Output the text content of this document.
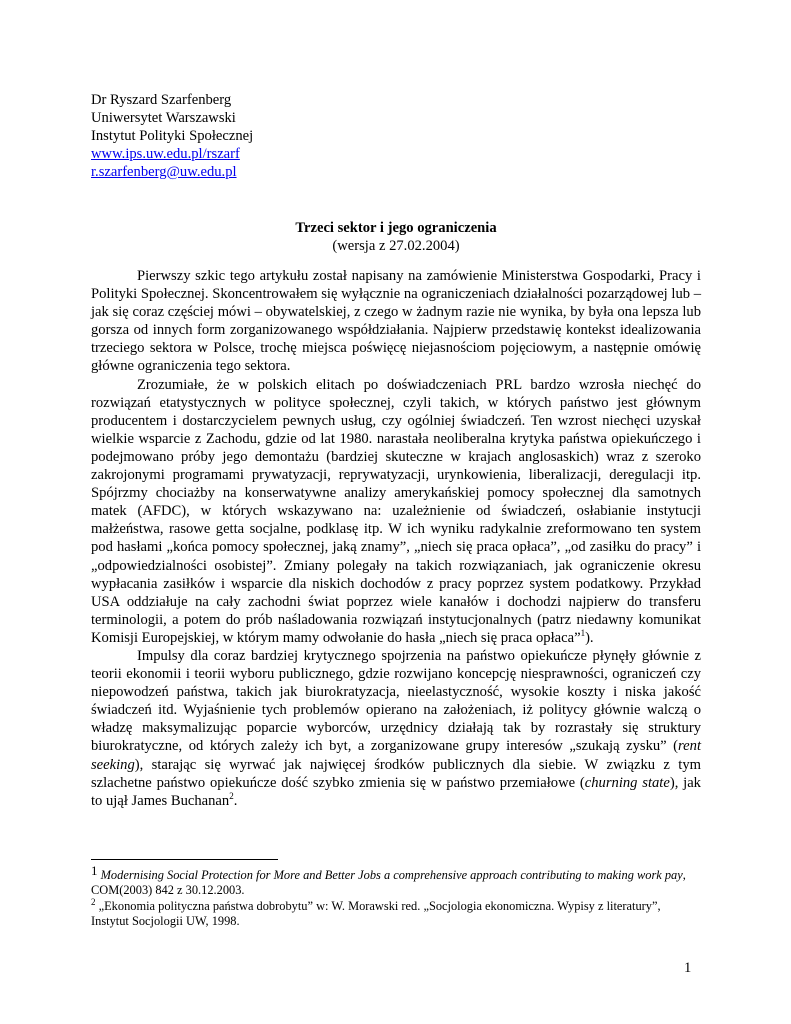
Dr Ryszard Szarfenberg
Uniwersytet Warszawski
Instytut Polityki Społecznej
www.ips.uw.edu.pl/rszarf
r.szarfenberg@uw.edu.pl
Trzeci sektor i jego ograniczenia
(wersja z 27.02.2004)

Pierwszy szkic tego artykułu został napisany na zamówienie Ministerstwa Gospodarki, Pracy i Polityki Społecznej. Skoncentrowałem się wyłącznie na ograniczeniach działalności pozarządowej lub – jak się coraz częściej mówi – obywatelskiej, z czego w żadnym razie nie wynika, by była ona lepsza lub gorsza od innych form zorganizowanego współdziałania. Najpierw przedstawię kontekst idealizowania trzeciego sektora w Polsce, trochę miejsca poświęcę niejasnościom pojęciowym, a następnie omówię główne ograniczenia tego sektora.

Zrozumiałe, że w polskich elitach po doświadczeniach PRL bardzo wzrosła niechęć do rozwiązań etatystycznych w polityce społecznej, czyli takich, w których państwo jest głównym producentem i dostarczycielem pewnych usług, czy ogólniej świadczeń. Ten wzrost niechęci uzyskał wielkie wsparcie z Zachodu, gdzie od lat 1980. narastała neoliberalna krytyka państwa opiekuńczego i podejmowano próby jego demontażu (bardziej skuteczne w krajach anglosaskich) wraz z szeroko zakrojonymi programami prywatyzacji, reprywatyzacji, urynkowienia, liberalizacji, deregulacji itp. Spójrzmy chociażby na konserwatywne analizy amerykańskiej pomocy społecznej dla samotnych matek (AFDC), w których wskazywano na: uzależnienie od świadczeń, osłabianie instytucji małżeństwa, rasowe getta socjalne, podklasę itp. W ich wyniku radykalnie zreformowano ten system pod hasłami „końca pomocy społecznej, jaką znamy”, „niech się praca opłaca”, „od zasiłku do pracy” i „odpowiedzialności osobistej”. Zmiany polegały na takich rozwiązaniach, jak ograniczenie okresu wypłacania zasiłków i wsparcie dla niskich dochodów z pracy poprzez system podatkowy. Przykład USA oddziałuje na cały zachodni świat poprzez wiele kanałów i dochodzi najpierw do transferu terminologii, a potem do prób naśladowania rozwiązań instytucjonalnych (patrz niedawny komunikat Komisji Europejskiej, w którym mamy odwołanie do hasła „niech się praca opłaca”$^1$).

Impulsy dla coraz bardziej krytycznego spojrzenia na państwo opiekuńcze płynęły głównie z teorii ekonomii i teorii wyboru publicznego, gdzie rozwijano koncepcję niesprawności, ograniczeń czy niepowodzeń państwa, takich jak biurokratyzacja, nieelastyczność, wysokie koszty i niska jakość świadczeń itd. Wyjaśnienie tych problemów opierano na założeniach, iż politycy głównie walczą o władzę maksymalizując poparcie wyborców, urzędnicy działają tak by rozrastały się struktury biurokratyczne, od których zależy ich byt, a zorganizowane grupy interesów „szukają zysku” (rent seeking), starając się wyrwać jak najwięcej środków publicznych dla siebie. W związku z tym szlachetne państwo opiekuńcze dość szybko zmienia się w państwo przemiałowe (churning state), jak to ujął James Buchanan$^2$.

1 Modernising Social Protection for More and Better Jobs a comprehensive approach contributing to making work pay, COM(2003) 842 z 30.12.2003.

$^2$ „Ekonomia polityczna państwa dobrobytu” w: W. Morawski red. „Socjologia ekonomiczna. Wypisy z literatury”, Instytut Socjologii UW, 1998.

1
